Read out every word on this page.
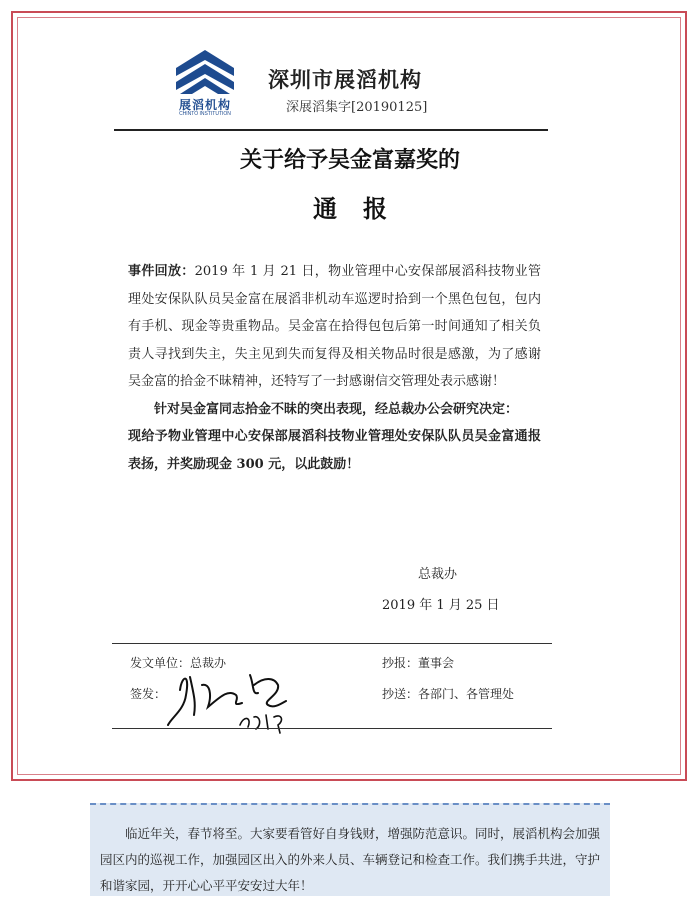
展滔机构
CHINTO INSTITUTION
深圳市展滔机构
深展滔集字[20190125]
关于给予吴金富嘉奖的
通报

事件回放：2019 年 1 月 21 日，物业管理中心安保部展滔科技物业管理处安保队队员吴金富在展滔非机动车巡逻时拾到一个黑色包包，包内有手机、现金等贵重物品。吴金富在拾得包包后第一时间通知了相关负责人寻找到失主，失主见到失而复得及相关物品时很是感激，为了感谢吴金富的拾金不昧精神，还特写了一封感谢信交管理处表示感谢！

针对吴金富同志拾金不昧的突出表现，经总裁办公会研究决定：

现给予物业管理中心安保部展滔科技物业管理处安保队队员吴金富通报表扬，并奖励现金 300 元，以此鼓励！

总裁办
2019 年 1 月 25 日
发文单位：总裁办	抄报：董事会
签发：	抄送：各部门、各管理处

临近年关，春节将至。大家要看管好自身钱财，增强防范意识。同时，展滔机构会加强园区内的巡视工作，加强园区出入的外来人员、车辆登记和检查工作。我们携手共进，守护和谐家园，开开心心平平安安过大年！
